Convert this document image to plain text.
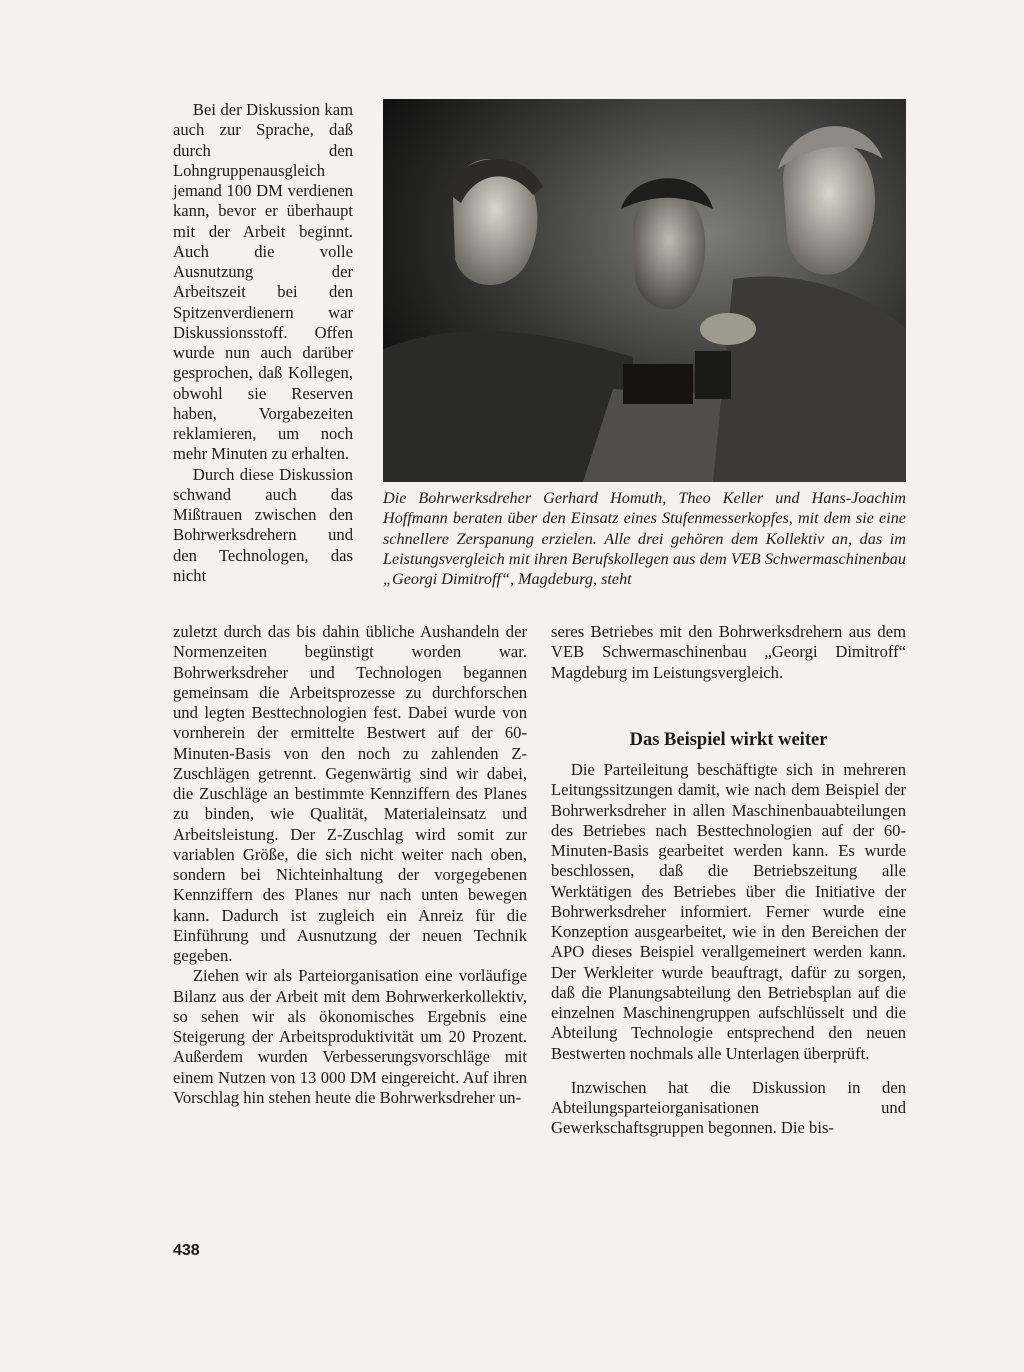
Bei der Diskussion kam auch zur Sprache, daß durch den Lohngruppenausgleich jemand 100 DM verdienen kann, bevor er überhaupt mit der Arbeit beginnt. Auch die volle Ausnutzung der Arbeitszeit bei den Spitzenverdienern war Diskussionsstoff. Offen wurde nun auch darüber gesprochen, daß Kollegen, obwohl sie Reserven haben, Vorgabezeiten reklamieren, um noch mehr Minuten zu erhalten.

Durch diese Diskussion schwand auch das Mißtrauen zwischen den Bohrwerksdrehern und den Technologen, das nicht

Die Bohrwerksdreher Gerhard Homuth, Theo Keller und Hans-Joachim Hoffmann beraten über den Einsatz eines Stufenmesserkopfes, mit dem sie eine schnellere Zerspanung erzielen. Alle drei gehören dem Kollektiv an, das im Leistungsvergleich mit ihren Berufskollegen aus dem VEB Schwermaschinenbau „Georgi Dimitroff“, Magdeburg, steht

zuletzt durch das bis dahin übliche Aushandeln der Normenzeiten begünstigt worden war. Bohrwerksdreher und Technologen begannen gemeinsam die Arbeitsprozesse zu durchforschen und legten Besttechnologien fest. Dabei wurde von vornherein der ermittelte Bestwert auf der 60-Minuten-Basis von den noch zu zahlenden Z-Zuschlägen getrennt. Gegenwärtig sind wir dabei, die Zuschläge an bestimmte Kennziffern des Planes zu binden, wie Qualität, Materialeinsatz und Arbeitsleistung. Der Z-Zuschlag wird somit zur variablen Größe, die sich nicht weiter nach oben, sondern bei Nichteinhaltung der vorgegebenen Kennziffern des Planes nur nach unten bewegen kann. Dadurch ist zugleich ein Anreiz für die Einführung und Ausnutzung der neuen Technik gegeben.

Ziehen wir als Parteiorganisation eine vorläufige Bilanz aus der Arbeit mit dem Bohrwerkerkollektiv, so sehen wir als ökonomisches Ergebnis eine Steigerung der Arbeitsproduktivität um 20 Prozent. Außerdem wurden Verbesserungsvorschläge mit einem Nutzen von 13 000 DM eingereicht. Auf ihren Vorschlag hin stehen heute die Bohrwerksdreher un-

seres Betriebes mit den Bohrwerksdrehern aus dem VEB Schwermaschinenbau „Georgi Dimitroff“ Magdeburg im Leistungsvergleich.

Das Beispiel wirkt weiter

Die Parteileitung beschäftigte sich in mehreren Leitungssitzungen damit, wie nach dem Beispiel der Bohrwerksdreher in allen Maschinenbauabteilungen des Betriebes nach Besttechnologien auf der 60-Minuten-Basis gearbeitet werden kann. Es wurde beschlossen, daß die Betriebszeitung alle Werktätigen des Betriebes über die Initiative der Bohrwerksdreher informiert. Ferner wurde eine Konzeption ausgearbeitet, wie in den Bereichen der APO dieses Beispiel verallgemeinert werden kann. Der Werkleiter wurde beauftragt, dafür zu sorgen, daß die Planungsabteilung den Betriebsplan auf die einzelnen Maschinengruppen aufschlüsselt und die Abteilung Technologie entsprechend den neuen Bestwerten nochmals alle Unterlagen überprüft.

Inzwischen hat die Diskussion in den Abteilungsparteiorganisationen und Gewerkschaftsgruppen begonnen. Die bis-

438
